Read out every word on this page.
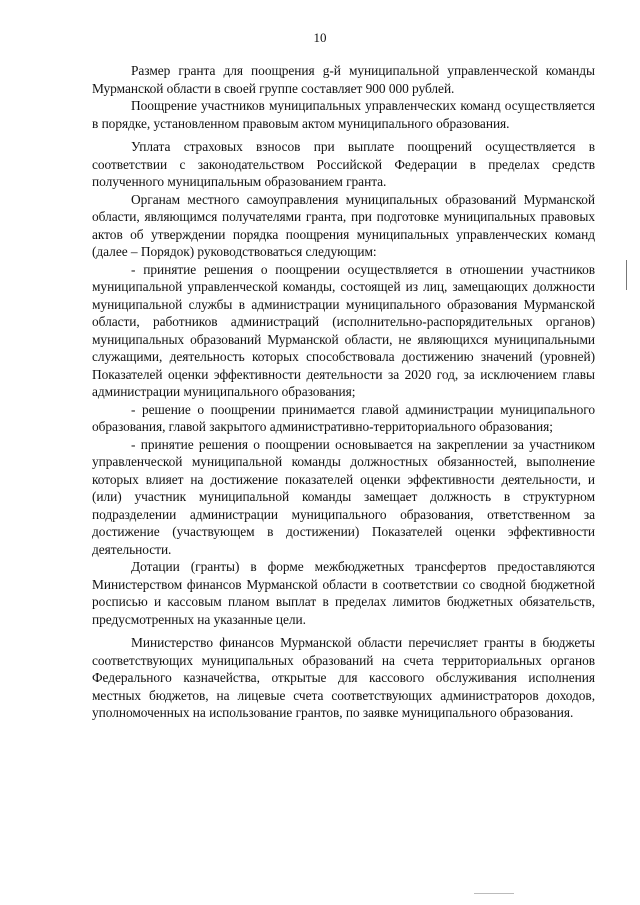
10

Размер гранта для поощрения g-й муниципальной управленческой команды Мурманской области в своей группе составляет 900 000 рублей.

Поощрение участников муниципальных управленческих команд осуществляется в порядке, установленном правовым актом муниципального образования.

Уплата страховых взносов при выплате поощрений осуществляется в соответствии с законодательством Российской Федерации в пределах средств полученного муниципальным образованием гранта.

Органам местного самоуправления муниципальных образований Мурманской области, являющимся получателями гранта, при подготовке муниципальных правовых актов об утверждении порядка поощрения муниципальных управленческих команд (далее – Порядок) руководствоваться следующим:

- принятие решения о поощрении осуществляется в отношении участников муниципальной управленческой команды, состоящей из лиц, замещающих должности муниципальной службы в администрации муниципального образования Мурманской области, работников администраций (исполнительно-распорядительных органов) муниципальных образований Мурманской области, не являющихся муниципальными служащими, деятельность которых способствовала достижению значений (уровней) Показателей оценки эффективности деятельности за 2020 год, за исключением главы администрации муниципального образования;

- решение о поощрении принимается главой администрации муниципального образования, главой закрытого административно-территориального образования;

- принятие решения о поощрении основывается на закреплении за участником управленческой муниципальной команды должностных обязанностей, выполнение которых влияет на достижение показателей оценки эффективности деятельности, и (или) участник муниципальной команды замещает должность в структурном подразделении администрации муниципального образования, ответственном за достижение (участвующем в достижении) Показателей оценки эффективности деятельности.

Дотации (гранты) в форме межбюджетных трансфертов предоставляются Министерством финансов Мурманской области в соответствии со сводной бюджетной росписью и кассовым планом выплат в пределах лимитов бюджетных обязательств, предусмотренных на указанные цели.

Министерство финансов Мурманской области перечисляет гранты в бюджеты соответствующих муниципальных образований на счета территориальных органов Федерального казначейства, открытые для кассового обслуживания исполнения местных бюджетов, на лицевые счета соответствующих администраторов доходов, уполномоченных на использование грантов, по заявке муниципального образования.
